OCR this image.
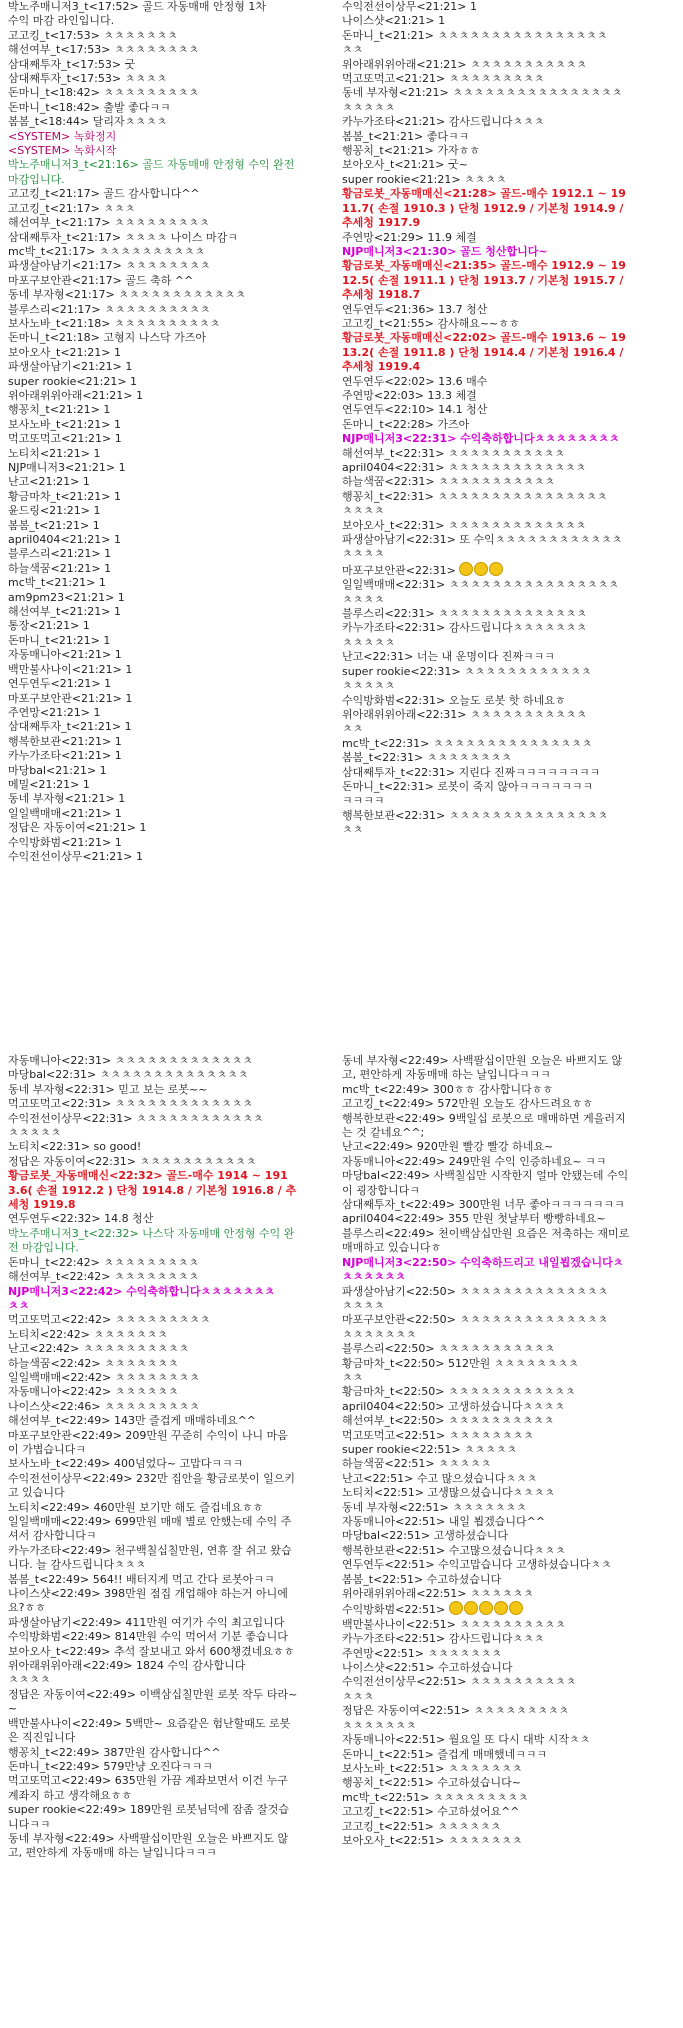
박노주매니저3_t<17:52> 골드 자동매매 안정형 1차
수익 마감 라인입니다.
고고킹_t<17:53> ㅊㅊㅊㅊㅊㅊㅊ
해선여부_t<17:53> ㅊㅊㅊㅊㅊㅊㅊㅊ
삼대째투자_t<17:53> 굿
삼대째투자_t<17:53> ㅊㅊㅊㅊ
돈마니_t<18:42> ㅊㅊㅊㅊㅊㅊㅊㅊㅊ
돈마니_t<18:42> 출발 좋다ㅋㅋ
봄봄_t<18:44> 달리자ㅊㅊㅊㅊ
<SYSTEM> 녹화정지
<SYSTEM> 녹화시작
박노주매니저3_t<21:16> 골드 자동매매 안정형 수익 완전 마감입니다.
고고킹_t<21:17> 골드 감사합니다^^
고고킹_t<21:17> ㅊㅊㅊ
해선여부_t<21:17> ㅊㅊㅊㅊㅊㅊㅊㅊㅊ
삼대째투자_t<21:17> ㅊㅊㅊㅊ 나이스 마감ㅋ
mc박_t<21:17> ㅊㅊㅊㅊㅊㅊㅊㅊㅊㅊ
파생살아남기<21:17> ㅊㅊㅊㅊㅊㅊㅊㅊ
마포구보안관<21:17> 골드 축하 ^^
동네 부자형<21:17> ㅊㅊㅊㅊㅊㅊㅊㅊㅊㅊㅊㅊ
블루스리<21:17> ㅊㅊㅊㅊㅊㅊㅊㅊㅊㅊ
보사노바_t<21:18> ㅊㅊㅊㅊㅊㅊㅊㅊㅊㅊ
돈마니_t<21:18> 고형지 나스닥 가즈아
보아오사_t<21:21> 1
파생살아남기<21:21> 1
super rookie<21:21> 1
위아래위위아래<21:21> 1
행꽁치_t<21:21> 1
보사노바_t<21:21> 1
먹고또먹고<21:21> 1
노티치<21:21> 1
NJP매니저3<21:21> 1
난고<21:21> 1
황금마차_t<21:21> 1
윤드링<21:21> 1
봄봄_t<21:21> 1
april0404<21:21> 1
블루스리<21:21> 1
하늘색꿈<21:21> 1
mc박_t<21:21> 1
am9pm23<21:21> 1
해선여부_t<21:21> 1
통장<21:21> 1
돈마니_t<21:21> 1
자동매니아<21:21> 1
백만불사나이<21:21> 1
연두연두<21:21> 1
마포구보안관<21:21> 1
주연망<21:21> 1
삼대째투자_t<21:21> 1
행복한보관<21:21> 1
카누가조타<21:21> 1
마당bal<21:21> 1
메밀<21:21> 1
동네 부자형<21:21> 1
일일백매매<21:21> 1
정답은 자동이여<21:21> 1
수익방화범<21:21> 1
수익전선이상무<21:21> 1
수익전선이상무<21:21> 1
나이스샷<21:21> 1
돈마니_t<21:21> ㅊㅊㅊㅊㅊㅊㅊㅊㅊㅊㅊㅊㅊㅊㅊㅊ
ㅊㅊ
위아래위위아래<21:21> ㅊㅊㅊㅊㅊㅊㅊㅊㅊㅊㅊ
먹고또먹고<21:21> ㅊㅊㅊㅊㅊㅊㅊㅊㅊ
동네 부자형<21:21> ㅊㅊㅊㅊㅊㅊㅊㅊㅊㅊㅊㅊㅊㅊㅊㅊ
ㅊㅊㅊㅊㅊ
카누가조타<21:21> 감사드립니다ㅊㅊㅊ
봄봄_t<21:21> 좋다ㅋㅋ
행꽁치_t<21:21> 가자ㅎㅎ
보아오사_t<21:21> 굿~
super rookie<21:21> ㅊㅊㅊㅊ
황금로봇_자동매매신<21:28> 골드-매수 1912.1 ~ 1911.7( 손절 1910.3 ) 단청 1912.9 / 기본청 1914.9 / 추세청 1917.9
주연망<21:29> 11.9 체결
NJP매니저3<21:30> 골드 청산합니다~
황금로봇_자동매매신<21:35> 골드-매수 1912.9 ~ 1912.5( 손절 1911.1 ) 단청 1913.7 / 기본청 1915.7 / 추세청 1918.7
연두연두<21:36> 13.7 청산
고고킹_t<21:55> 감사해요~~ㅎㅎ
황금로봇_자동매매신<22:02> 골드-매수 1913.6 ~ 1913.2( 손절 1911.8 ) 단청 1914.4 / 기본청 1916.4 / 추세청 1919.4
연두연두<22:02> 13.6 매수
주연망<22:03> 13.3 체결
연두연두<22:10> 14.1 청산
돈마니_t<22:28> 가즈아
NJP매니저3<22:31> 수익축하합니다ㅊㅊㅊㅊㅊㅊㅊㅊ
해선여부_t<22:31> ㅊㅊㅊㅊㅊㅊㅊㅊㅊㅊㅊ
april0404<22:31> ㅊㅊㅊㅊㅊㅊㅊㅊㅊㅊㅊㅊㅊ
하늘색꿈<22:31> ㅊㅊㅊㅊㅊㅊㅊㅊㅊㅊㅊ
행꽁치_t<22:31> ㅊㅊㅊㅊㅊㅊㅊㅊㅊㅊㅊㅊㅊㅊㅊㅊ
ㅊㅊㅊㅊ
보아오사_t<22:31> ㅊㅊㅊㅊㅊㅊㅊㅊㅊㅊㅊㅊㅊ
파생살아남기<22:31> 또 수익ㅊㅊㅊㅊㅊㅊㅊㅊㅊㅊㅊㅊ
ㅊㅊㅊㅊ
마포구보안관<22:31>
일일백매매<22:31> ㅊㅊㅊㅊㅊㅊㅊㅊㅊㅊㅊㅊㅊㅊㅊㅊ
ㅊㅊㅊㅊ
블루스리<22:31> ㅊㅊㅊㅊㅊㅊㅊㅊㅊㅊㅊㅊㅊㅊ
카누가조타<22:31> 감사드립니다ㅊㅊㅊㅊㅊㅊㅊ
ㅊㅊㅊㅊㅊ
난고<22:31> 너는 내 운명이다 진짜ㅋㅋㅋ
super rookie<22:31> ㅊㅊㅊㅊㅊㅊㅊㅊㅊㅊㅊㅊ
ㅊㅊㅊㅊㅊ
수익방화범<22:31> 오늘도 로봇 핫 하네요ㅎ
위아래위위아래<22:31> ㅊㅊㅊㅊㅊㅊㅊㅊㅊㅊㅊ
ㅊㅊ
mc박_t<22:31> ㅊㅊㅊㅊㅊㅊㅊㅊㅊㅊㅊㅊㅊㅊㅊ
봄봄_t<22:31> ㅊㅊㅊㅊㅊㅊㅊㅊ
삼대째투자_t<22:31> 지린다 진짜ㅋㅋㅋㅋㅋㅋㅋㅋ
돈마니_t<22:31> 로봇이 죽지 않아ㅋㅋㅋㅋㅋㅋㅋ
ㅋㅋㅋㅋ
행복한보관<22:31> ㅊㅊㅊㅊㅊㅊㅊㅊㅊㅊㅊㅊㅊㅊㅊ
ㅊㅊ
자동매니아<22:31> ㅊㅊㅊㅊㅊㅊㅊㅊㅊㅊㅊㅊㅊ
마당bal<22:31> ㅊㅊㅊㅊㅊㅊㅊㅊㅊㅊㅊㅊㅊㅊ
동네 부자형<22:31> 믿고 보는 로봇~~
먹고또먹고<22:31> ㅊㅊㅊㅊㅊㅊㅊㅊㅊㅊㅊㅊㅊ
수익전선이상무<22:31> ㅊㅊㅊㅊㅊㅊㅊㅊㅊㅊㅊㅊ
ㅊㅊㅊㅊㅊ
노티치<22:31> so good!
정답은 자동이여<22:31> ㅊㅊㅊㅊㅊㅊㅊㅊㅊㅊㅊ
황금로봇_자동매매신<22:32> 골드-매수 1914 ~ 1913.6( 손절 1912.2 ) 단청 1914.8 / 기본청 1916.8 / 추세청 1919.8
연두연두<22:32> 14.8 청산
박노주매니저3_t<22:32> 나스닥 자동매매 안정형 수익 완전 마감입니다.
돈마니_t<22:42> ㅊㅊㅊㅊㅊㅊㅊㅊㅊ
해선여부_t<22:42> ㅊㅊㅊㅊㅊㅊㅊㅊ
NJP매니저3<22:42> 수익축하합니다ㅊㅊㅊㅊㅊㅊㅊ
ㅊㅊ
먹고또먹고<22:42> ㅊㅊㅊㅊㅊㅊㅊㅊㅊ
노티치<22:42> ㅊㅊㅊㅊㅊㅊㅊ
난고<22:42> ㅊㅊㅊㅊㅊㅊㅊㅊㅊㅊ
하늘색꿈<22:42> ㅊㅊㅊㅊㅊㅊㅊ
일일백매매<22:42> ㅊㅊㅊㅊㅊㅊㅊㅊ
자동매니아<22:42> ㅊㅊㅊㅊㅊㅊ
나이스샷<22:46> ㅊㅊㅊㅊㅊㅊㅊㅊㅊ
해선여부_t<22:49> 143만 즐겁게 매매하네요^^
마포구보안관<22:49> 209만원 꾸준히 수익이 나니 마음이 가볍습니다ㅋ
보사노바_t<22:49> 400넘었다~ 고맙다ㅋㅋㅋ
수익전선이상무<22:49> 232만 집안을 황금로봇이 일으키고 있습니다
노티치<22:49> 460만원 보기만 해도 즐겁네요ㅎㅎ
일일백매매<22:49> 699만원 매매 별로 안했는데 수익 주셔서 감사합니다ㅋ
카누가조타<22:49> 천구백칠십칠만원, 연휴 잘 쉬고 왔습니다. 늘 감사드립니다ㅊㅊㅊ
봄봄_t<22:49> 564!! 배터지게 먹고 간다 로봇아ㅋㅋ
나이스샷<22:49> 398만원 점집 개업해야 하는거 아니에요?ㅎㅎ
파생살아남기<22:49> 411만원 여기가 수익 최고입니다
수익방화범<22:49> 814만원 수익 먹어서 기분 좋습니다
보아오사_t<22:49> 추석 잘보내고 와서 600챙겼네요ㅎㅎ
위아래위위아래<22:49> 1824 수익 감사합니다
ㅊㅊㅊㅊ
정답은 자동이여<22:49> 이백삼십칠만원 로봇 작두 타라~~
백만불사나이<22:49> 5백만~ 요즘같은 험난할때도 로봇은 직진입니다
행꽁치_t<22:49> 387만원 감사합니다^^
돈마니_t<22:49> 579만냥 오진다ㅋㅋㅋ
먹고또먹고<22:49> 635만원 가끔 계좌보면서 이건 누구 계좌지 하고 생각해요ㅎㅎ
super rookie<22:49> 189만원 로봇님덕에 잠좀 잘것습니다ㅋㅋ
동네 부자형<22:49> 사백팔십이만원 오늘은 바쁘지도 않고, 편안하게 자동매매 하는 날입니다ㅋㅋㅋ
동네 부자형<22:49> 사백팔십이만원 오늘은 바쁘지도 않고, 편안하게 자동매매 하는 날입니다ㅋㅋㅋ
mc박_t<22:49> 300ㅎㅎ 감사합니다ㅎㅎ
고고킹_t<22:49> 572만원 오늘도 감사드려요ㅎㅎ
행복한보관<22:49> 9백일십 로봇으로 매매하면 게을러지는 것 같네요^^;
난고<22:49> 920만원 빨강 빨강 하네요~
자동매니아<22:49> 249만원 수익 인증하네요~ ㅋㅋ
마당bal<22:49> 사백칠십만 시작한지 얼마 안됐는데 수익이 굉장합니다ㅋ
삼대째투자_t<22:49> 300만원 너무 좋아ㅋㅋㅋㅋㅋㅋㅋ
april0404<22:49> 355 만원 첫날부터 빵빵하네요~
블루스리<22:49> 천이백삼십만원 요즘은 저축하는 재미로 매매하고 있습니다ㅎ
NJP매니저3<22:50> 수익축하드리고 내일뵙겠습니다ㅊㅊㅊㅊㅊㅊㅊ
파생살아남기<22:50> ㅊㅊㅊㅊㅊㅊㅊㅊㅊㅊㅊㅊㅊㅊ
ㅊㅊㅊㅊ
마포구보안관<22:50> ㅊㅊㅊㅊㅊㅊㅊㅊㅊㅊㅊㅊㅊㅊ
ㅊㅊㅊㅊㅊㅊㅊ
블루스리<22:50> ㅊㅊㅊㅊㅊㅊㅊㅊㅊㅊㅊ
황금마차_t<22:50> 512만원 ㅊㅊㅊㅊㅊㅊㅊㅊ
ㅊㅊ
황금마차_t<22:50> ㅊㅊㅊㅊㅊㅊㅊㅊㅊㅊㅊㅊ
april0404<22:50> 고생하셨습니다ㅊㅊㅊㅊ
해선여부_t<22:50> ㅊㅊㅊㅊㅊㅊㅊㅊㅊㅊ
먹고또먹고<22:51> ㅊㅊㅊㅊㅊㅊㅊㅊ
super rookie<22:51> ㅊㅊㅊㅊㅊ
하늘색꿈<22:51> ㅊㅊㅊㅊㅊ
난고<22:51> 수고 많으셨습니다ㅊㅊㅊ
노티치<22:51> 고생많으셨습니다ㅊㅊㅊㅊ
동네 부자형<22:51> ㅊㅊㅊㅊㅊㅊㅊ
자동매니아<22:51> 내일 뵙겠습니다^^
마당bal<22:51> 고생하셨습니다
행복한보관<22:51> 수고많으셨습니다ㅊㅊㅊ
연두연두<22:51> 수익고맙습니다 고생하셨습니다ㅊㅊ
봄봄_t<22:51> 수고하셨습니다
위아래위위아래<22:51> ㅊㅊㅊㅊㅊㅊ
수익방화범<22:51>
백만불사나이<22:51> ㅊㅊㅊㅊㅊㅊㅊㅊㅊㅊ
카누가조타<22:51> 감사드립니다ㅊㅊㅊ
주연망<22:51> ㅊㅊㅊㅊㅊㅊㅊ
나이스샷<22:51> 수고하셨습니다
수익전선이상무<22:51> ㅊㅊㅊㅊㅊㅊㅊㅊㅊㅊ
ㅊㅊㅊ
정답은 자동이여<22:51> ㅊㅊㅊㅊㅊㅊㅊㅊㅊ
ㅊㅊㅊㅊㅊㅊㅊ
자동매니아<22:51> 월요일 또 다시 대박 시작ㅊㅊ
돈마니_t<22:51> 즐겁게 매매했네ㅋㅋㅋ
보사노바_t<22:51> ㅊㅊㅊㅊㅊㅊㅊ
행꽁치_t<22:51> 수고하셨습니다~
mc박_t<22:51> ㅊㅊㅊㅊㅊㅊㅊㅊㅊ
고고킹_t<22:51> 수고하셨어요^^
고고킹_t<22:51> ㅊㅊㅊㅊㅊㅊ
보아오사_t<22:51> ㅊㅊㅊㅊㅊㅊㅊ
